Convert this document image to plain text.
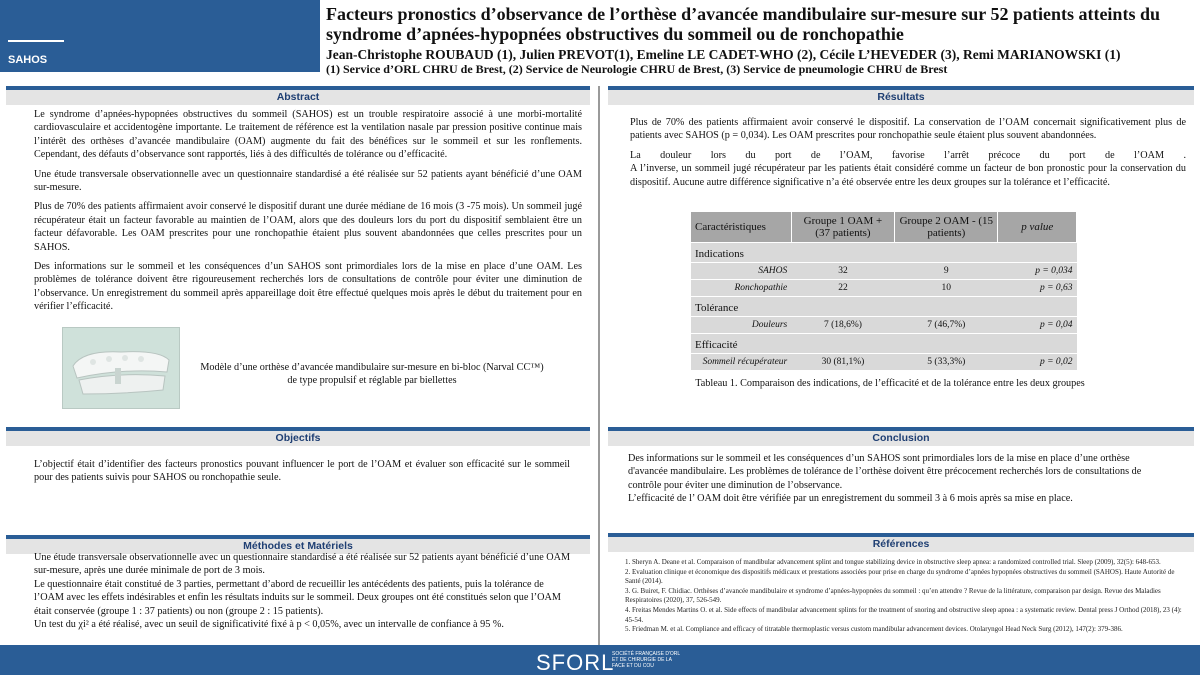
SAHOS
Facteurs pronostics d’observance de l’orthèse d’avancée mandibulaire sur-mesure sur 52 patients atteints du syndrome d’apnées-hypopnées obstructives du sommeil ou de ronchopathie
Jean-Christophe ROUBAUD (1), Julien PREVOT(1), Emeline LE CADET-WHO (2), Cécile L’HEVEDER (3), Remi MARIANOWSKI (1)
(1) Service d’ORL CHRU de Brest, (2) Service de Neurologie CHRU de Brest, (3) Service de pneumologie CHRU de Brest
Abstract

Le syndrome d’apnées-hypopnées obstructives du sommeil (SAHOS) est un trouble respiratoire associé à une morbi-mortalité cardiovasculaire et accidentogène importante. Le traitement de référence est la ventilation nasale par pression positive continue mais l’intérêt des orthèses d’avancée mandibulaire (OAM) augmente du fait des bénéfices sur le sommeil et sur les ronflements. Cependant, des défauts d’observance sont rapportés, liés à des difficultés de tolérance ou d’efficacité.

Une étude transversale observationnelle avec un questionnaire standardisé a été réalisée sur 52 patients ayant bénéficié d’une OAM sur-mesure.

Plus de 70% des patients affirmaient avoir conservé le dispositif durant une durée médiane de 16 mois (3 -75 mois). Un sommeil jugé récupérateur était un facteur favorable au maintien de l’OAM, alors que des douleurs lors du port du dispositif semblaient être un facteur défavorable. Les OAM prescrites pour une ronchopathie étaient plus souvent abandonnées que celles prescrites pour un SAHOS.

Des informations sur le sommeil et les conséquences d’un SAHOS sont primordiales lors de la mise en place d’une OAM. Les problèmes de tolérance doivent être rigoureusement recherchés lors de consultations de contrôle pour éviter une diminution de l’observance. Un enregistrement du sommeil après appareillage doit être effectué quelques mois après le début du traitement pour en vérifier l’efficacité.

Modèle d’une orthèse d’avancée mandibulaire sur-mesure en bi-bloc (Narval CC™)
de type propulsif et réglable par biellettes
Objectifs

L’objectif était d’identifier des facteurs pronostics pouvant influencer le port de l’OAM et évaluer son efficacité sur le sommeil pour des patients suivis pour SAHOS ou ronchopathie seule.

Méthodes et Matériels
Une étude transversale observationnelle avec un questionnaire standardisé a été réalisée sur 52 patients ayant bénéficié d’une OAM sur-mesure, après une durée minimale de port de 3 mois.
Le questionnaire était constitué de 3 parties, permettant d’abord de recueillir les antécédents des patients, puis la tolérance de l’OAM avec les effets indésirables et enfin les résultats induits sur le sommeil. Deux groupes ont été constitués selon que l’OAM était conservée (groupe 1 : 37 patients) ou non (groupe 2 : 15 patients).
Un test du χi² a été réalisé, avec un seuil de significativité fixé à p < 0,05%, avec un intervalle de confiance à 95 %.
Résultats

Plus de 70% des patients affirmaient avoir conservé le dispositif. La conservation de l’OAM concernait significativement plus de patients avec SAHOS (p = 0,034). Les OAM prescrites pour ronchopathie seule étaient plus souvent abandonnées.

La douleur lors du port de l’OAM, favorise l’arrêt précoce du port de l’OAM .
A l’inverse, un sommeil jugé récupérateur par les patients était considéré comme un facteur de bon pronostic pour la conservation du dispositif. Aucune autre différence significative n’a été observée entre les deux groupes sur la tolérance et l’efficacité.
Caractéristiques	Groupe 1 OAM + (37 patients)	Groupe 2 OAM - (15 patients)	p value
Indications			
SAHOS	32	9	p = 0,034
Ronchopathie	22	10	p = 0,63
Tolérance			
Douleurs	7 (18,6%)	7 (46,7%)	p = 0,04
Efficacité			
Sommeil récupérateur	30 (81,1%)	5 (33,3%)	p = 0,02
Tableau 1. Comparaison des indications, de l’efficacité et de la tolérance entre les deux groupes
Conclusion
Des informations sur le sommeil et les conséquences d’un SAHOS sont primordiales lors de la mise en place d’une orthèse d'avancée mandibulaire. Les problèmes de tolérance de l’orthèse doivent être précocement recherchés lors de consultations de contrôle pour éviter une diminution de l’observance.
L’efficacité de l’ OAM doit être vérifiée par un enregistrement du sommeil 3 à 6 mois après sa mise en place.
Références
1. Sheryn A. Deane et al. Comparaison of mandibular advancement splint and tongue stabilizing device in obstructive sleep apnea: a randomized controlled trial. Sleep (2009), 32(5): 648-653.
2. Evaluation clinique et économique des dispositifs médicaux et prestations associées pour prise en charge du syndrome d’apnées hypopnées obstructives du sommeil (SAHOS). Haute Autorité de Santé (2014).
3. G. Buiret, F. Chidiac. Orthèses d’avancée mandibulaire et syndrome d’apnées-hypopnées du sommeil : qu’en attendre ? Revue de la littérature, comparaison par design. Revue des Maladies Respiratoires (2020), 37, 526-549.
4. Freitas Mendes Martins O. et al. Side effects of mandibular advancement splints for the treatment of snoring and obstructive sleep apnea : a systematic review. Dental press J Orthod (2018), 23 (4): 45-54.
5. Friedman M. et al. Compliance and efficacy of titratable thermoplastic versus custom mandibular advancement devices. Otolaryngol Head Neck Surg (2012), 147(2): 379-386.
SFORL
SOCIÉTÉ FRANÇAISE D'ORL ET DE CHIRURGIE DE LA FACE ET DU COU
